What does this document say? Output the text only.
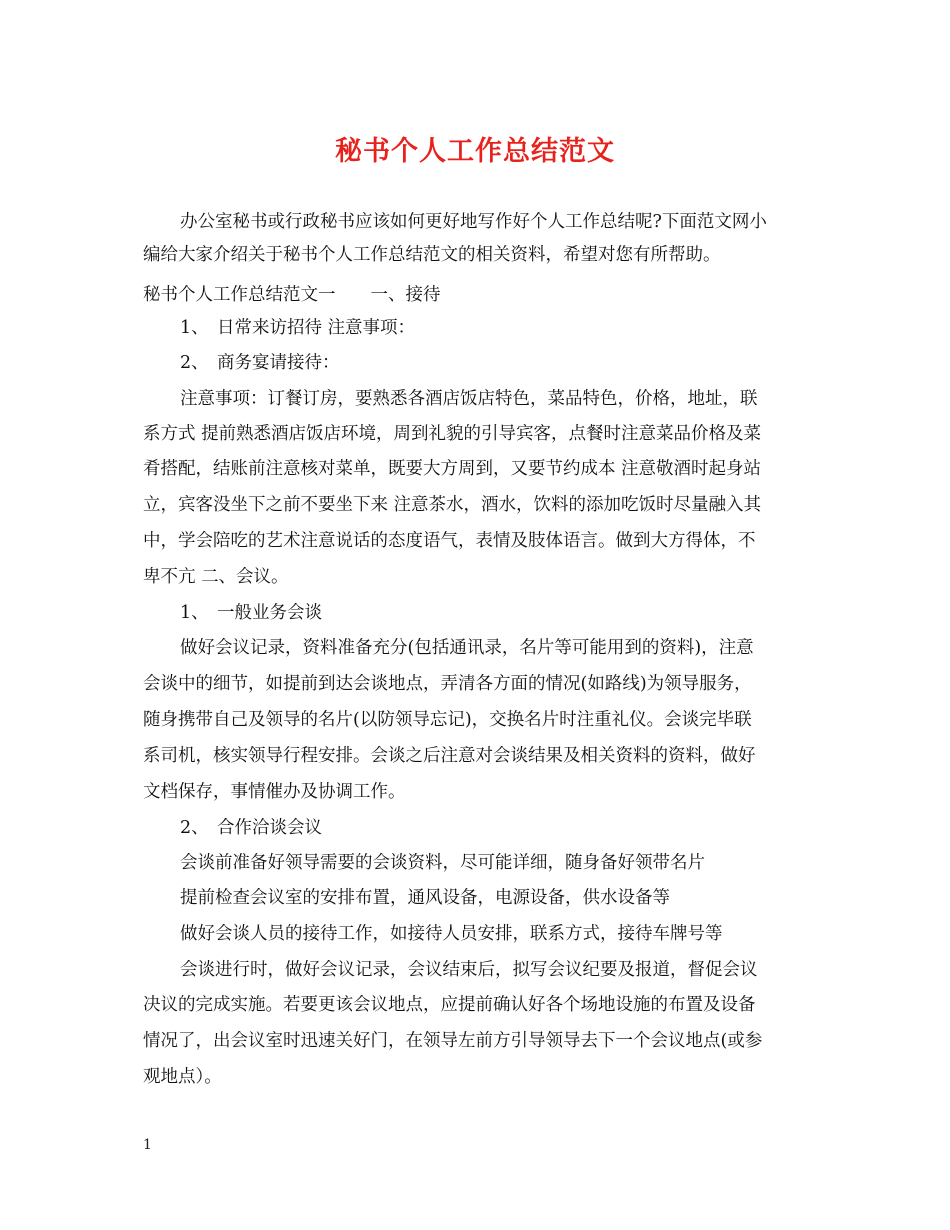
秘书个人工作总结范文
办公室秘书或行政秘书应该如何更好地写作好个人工作总结呢?下面范文网小
编给大家介绍关于秘书个人工作总结范文的相关资料，希望对您有所帮助。
秘书个人工作总结范文一　　一、接待
1、 日常来访招待 注意事项：
2、 商务宴请接待：
注意事项：订餐订房，要熟悉各酒店饭店特色，菜品特色，价格，地址，联
系方式 提前熟悉酒店饭店环境，周到礼貌的引导宾客，点餐时注意菜品价格及菜
肴搭配，结账前注意核对菜单，既要大方周到，又要节约成本 注意敬酒时起身站
立，宾客没坐下之前不要坐下来 注意茶水，酒水，饮料的添加吃饭时尽量融入其
中，学会陪吃的艺术注意说话的态度语气，表情及肢体语言。做到大方得体，不
卑不亢 二、会议。
1、 一般业务会谈
做好会议记录，资料准备充分(包括通讯录，名片等可能用到的资料)，注意
会谈中的细节，如提前到达会谈地点，弄清各方面的情况(如路线)为领导服务，
随身携带自己及领导的名片(以防领导忘记)，交换名片时注重礼仪。会谈完毕联
系司机，核实领导行程安排。会谈之后注意对会谈结果及相关资料的资料，做好
文档保存，事情催办及协调工作。
2、 合作洽谈会议
会谈前准备好领导需要的会谈资料，尽可能详细，随身备好领带名片
提前检查会议室的安排布置，通风设备，电源设备，供水设备等
做好会谈人员的接待工作，如接待人员安排，联系方式，接待车牌号等
会谈进行时，做好会议记录，会议结束后，拟写会议纪要及报道，督促会议
决议的完成实施。若要更该会议地点，应提前确认好各个场地设施的布置及设备
情况了，出会议室时迅速关好门，在领导左前方引导领导去下一个会议地点(或参
观地点）。
1
